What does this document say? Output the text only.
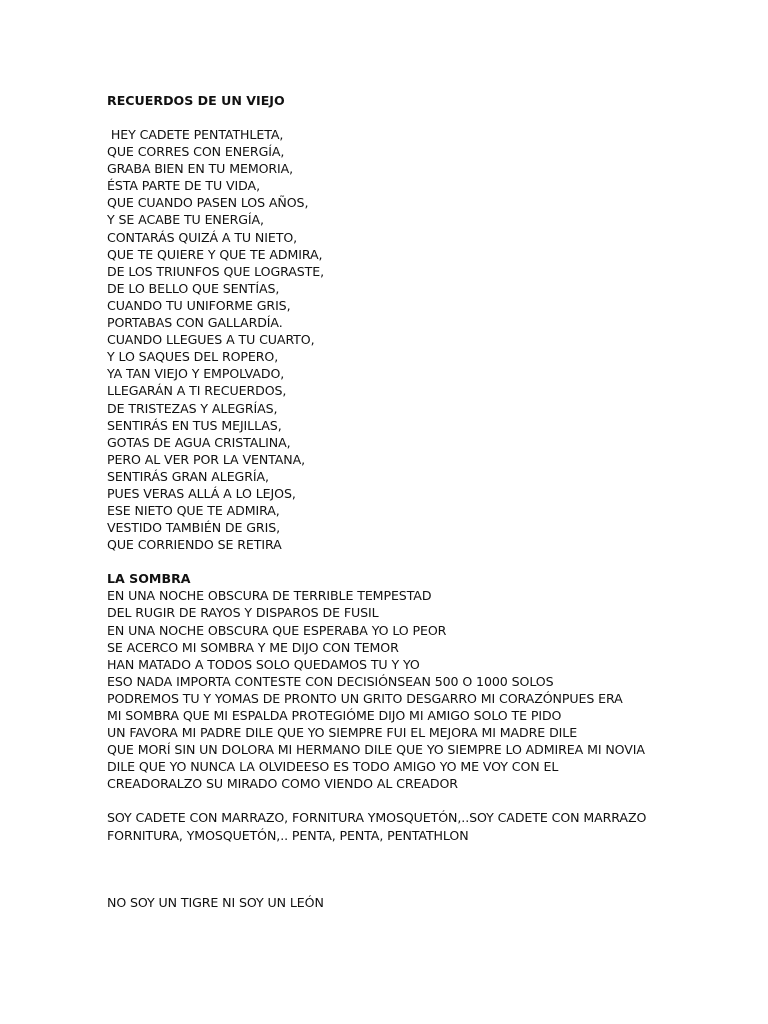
RECUERDOS DE UN VIEJO
HEY CADETE PENTATHLETA,
QUE CORRES CON ENERGÍA,
GRABA BIEN EN TU MEMORIA,
ÉSTA PARTE DE TU VIDA,
QUE CUANDO PASEN LOS AÑOS,
Y SE ACABE TU ENERGÍA,
CONTARÁS QUIZÁ A TU NIETO,
QUE TE QUIERE Y QUE TE ADMIRA,
DE LOS TRIUNFOS QUE LOGRASTE,
DE LO BELLO QUE SENTÍAS,
CUANDO TU UNIFORME GRIS,
PORTABAS CON GALLARDÍA.
CUANDO LLEGUES A TU CUARTO,
Y LO SAQUES DEL ROPERO,
YA TAN VIEJO Y EMPOLVADO,
LLEGARÁN A TI RECUERDOS,
DE TRISTEZAS Y ALEGRÍAS,
SENTIRÁS EN TUS MEJILLAS,
GOTAS DE AGUA CRISTALINA,
PERO AL VER POR LA VENTANA,
SENTIRÁS GRAN ALEGRÍA,
PUES VERAS ALLÁ A LO LEJOS,
ESE NIETO QUE TE ADMIRA,
VESTIDO TAMBIÉN DE GRIS,
QUE CORRIENDO SE RETIRA
LA SOMBRA
EN UNA NOCHE OBSCURA DE TERRIBLE TEMPESTAD
DEL RUGIR DE RAYOS Y DISPAROS DE FUSIL
EN UNA NOCHE OBSCURA QUE ESPERABA YO LO PEOR
SE ACERCO MI SOMBRA Y ME DIJO CON TEMOR
HAN MATADO A TODOS SOLO QUEDAMOS TU Y YO
ESO NADA IMPORTA CONTESTE CON DECISIÓNSEAN 500 O 1000 SOLOS
PODREMOS TU Y YOMAS DE PRONTO UN GRITO DESGARRO MI CORAZÓNPUES ERA
MI SOMBRA QUE MI ESPALDA PROTEGIÓME DIJO MI AMIGO SOLO TE PIDO
UN FAVORA MI PADRE DILE QUE YO SIEMPRE FUI EL MEJORA MI MADRE DILE
QUE MORÍ SIN UN DOLORA MI HERMANO DILE QUE YO SIEMPRE LO ADMIREA MI NOVIA
DILE QUE YO NUNCA LA OLVIDEESO ES TODO AMIGO YO ME VOY CON EL
CREADORALZO SU MIRADO COMO VIENDO AL CREADOR
SOY CADETE CON MARRAZO, FORNITURA YMOSQUETÓN,..SOY CADETE CON MARRAZO
FORNITURA, YMOSQUETÓN,.. PENTA, PENTA, PENTATHLON
NO SOY UN TIGRE NI SOY UN LEÓN
